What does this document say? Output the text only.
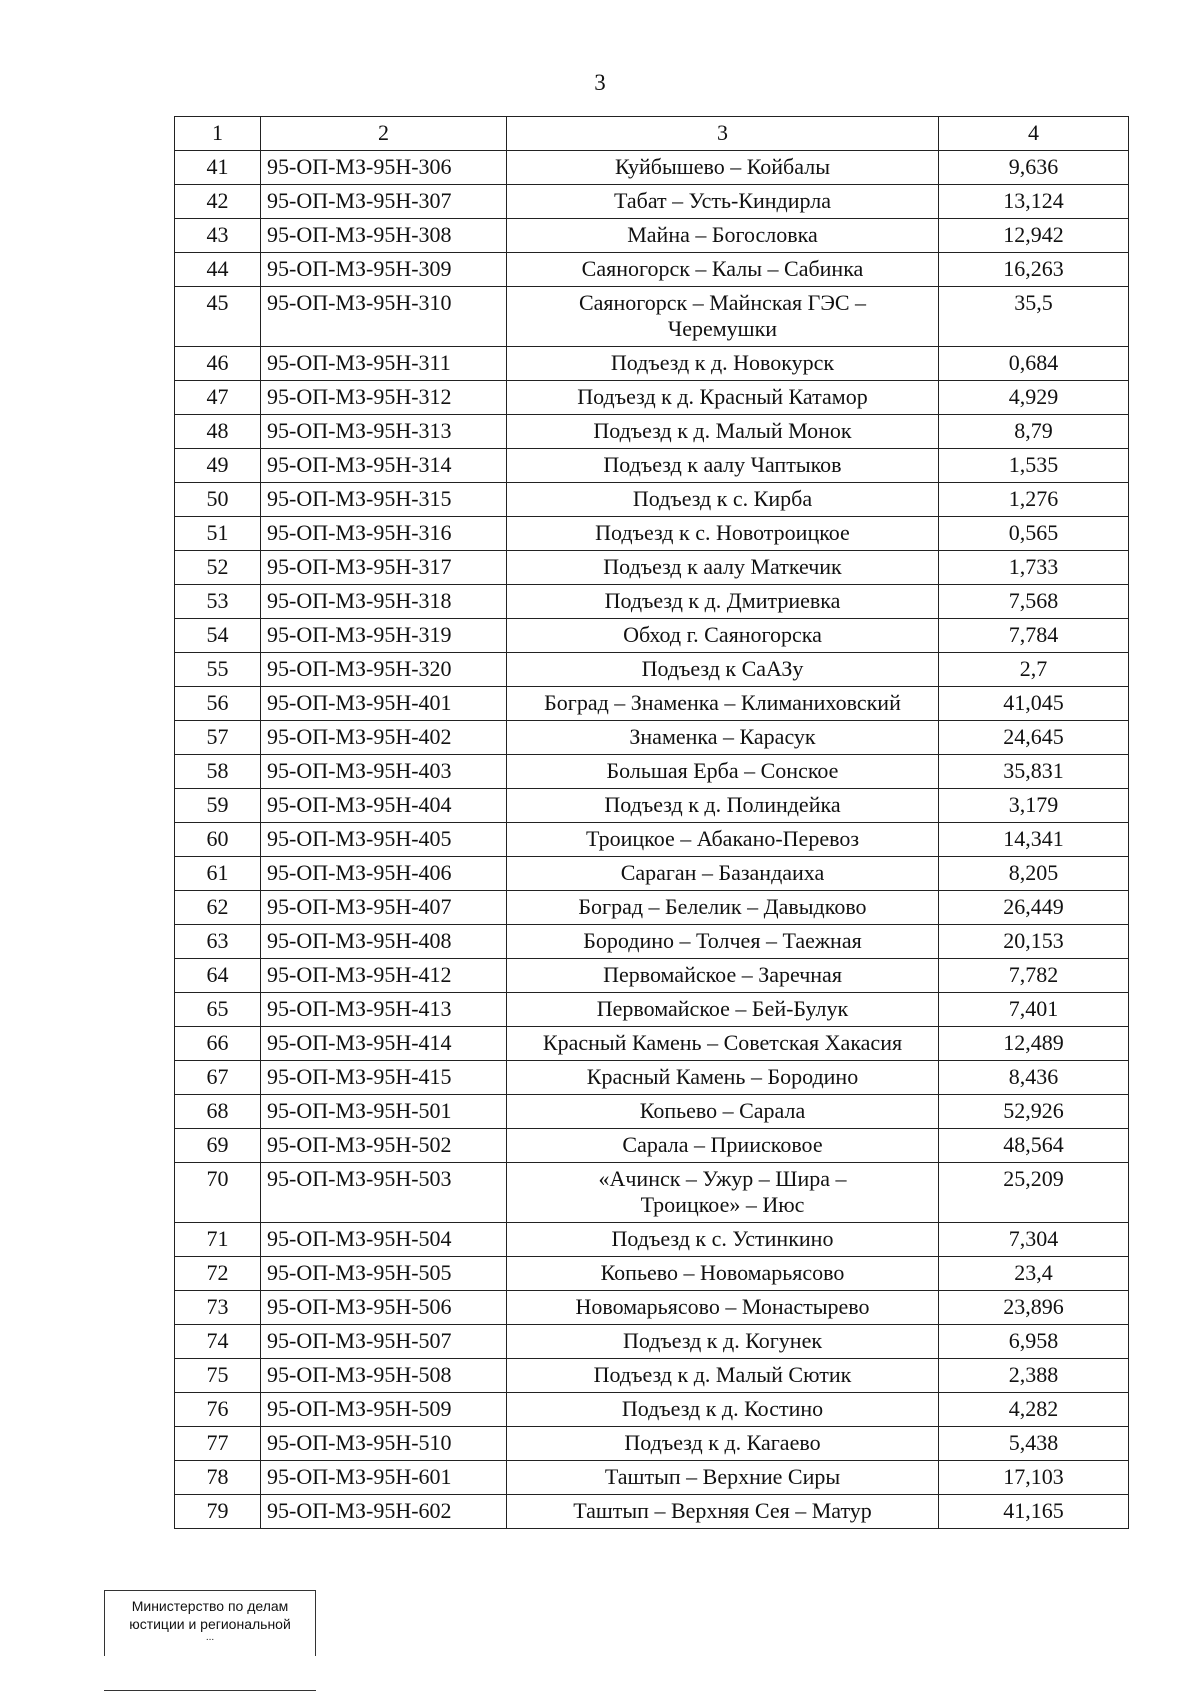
3
1	2	3	4
41	95-ОП-МЗ-95Н-306	Куйбышево – Койбалы	9,636
42	95-ОП-МЗ-95Н-307	Табат – Усть-Киндирла	13,124
43	95-ОП-МЗ-95Н-308	Майна – Богословка	12,942
44	95-ОП-МЗ-95Н-309	Саяногорск – Калы – Сабинка	16,263
45	95-ОП-МЗ-95Н-310	Саяногорск – Майнская ГЭС –
Черемушки	35,5
46	95-ОП-МЗ-95Н-311	Подъезд к д. Новокурск	0,684
47	95-ОП-МЗ-95Н-312	Подъезд к д. Красный Катамор	4,929
48	95-ОП-МЗ-95Н-313	Подъезд к д. Малый Монок	8,79
49	95-ОП-МЗ-95Н-314	Подъезд к аалу Чаптыков	1,535
50	95-ОП-МЗ-95Н-315	Подъезд к с. Кирба	1,276
51	95-ОП-МЗ-95Н-316	Подъезд к с. Новотроицкое	0,565
52	95-ОП-МЗ-95Н-317	Подъезд к аалу Маткечик	1,733
53	95-ОП-МЗ-95Н-318	Подъезд к д. Дмитриевка	7,568
54	95-ОП-МЗ-95Н-319	Обход г. Саяногорска	7,784
55	95-ОП-МЗ-95Н-320	Подъезд к СаАЗу	2,7
56	95-ОП-МЗ-95Н-401	Боград – Знаменка – Климаниховский	41,045
57	95-ОП-МЗ-95Н-402	Знаменка – Карасук	24,645
58	95-ОП-МЗ-95Н-403	Большая Ерба – Сонское	35,831
59	95-ОП-МЗ-95Н-404	Подъезд к д. Полиндейка	3,179
60	95-ОП-МЗ-95Н-405	Троицкое – Абакано-Перевоз	14,341
61	95-ОП-МЗ-95Н-406	Сараган – Базандаиха	8,205
62	95-ОП-МЗ-95Н-407	Боград – Белелик – Давыдково	26,449
63	95-ОП-МЗ-95Н-408	Бородино – Толчея – Таежная	20,153
64	95-ОП-МЗ-95Н-412	Первомайское – Заречная	7,782
65	95-ОП-МЗ-95Н-413	Первомайское – Бей-Булук	7,401
66	95-ОП-МЗ-95Н-414	Красный Камень – Советская Хакасия	12,489
67	95-ОП-МЗ-95Н-415	Красный Камень – Бородино	8,436
68	95-ОП-МЗ-95Н-501	Копьево – Сарала	52,926
69	95-ОП-МЗ-95Н-502	Сарала – Приисковое	48,564
70	95-ОП-МЗ-95Н-503	«Ачинск – Ужур – Шира –
Троицкое» – Июс	25,209
71	95-ОП-МЗ-95Н-504	Подъезд к с. Устинкино	7,304
72	95-ОП-МЗ-95Н-505	Копьево – Новомарьясово	23,4
73	95-ОП-МЗ-95Н-506	Новомарьясово – Монастырево	23,896
74	95-ОП-МЗ-95Н-507	Подъезд к д. Когунек	6,958
75	95-ОП-МЗ-95Н-508	Подъезд к д. Малый Сютик	2,388
76	95-ОП-МЗ-95Н-509	Подъезд к д. Костино	4,282
77	95-ОП-МЗ-95Н-510	Подъезд к д. Кагаево	5,438
78	95-ОП-МЗ-95Н-601	Таштып – Верхние Сиры	17,103
79	95-ОП-МЗ-95Н-602	Таштып – Верхняя Сея – Матур	41,165
Министерство по делам
юстиции и региональной
...
